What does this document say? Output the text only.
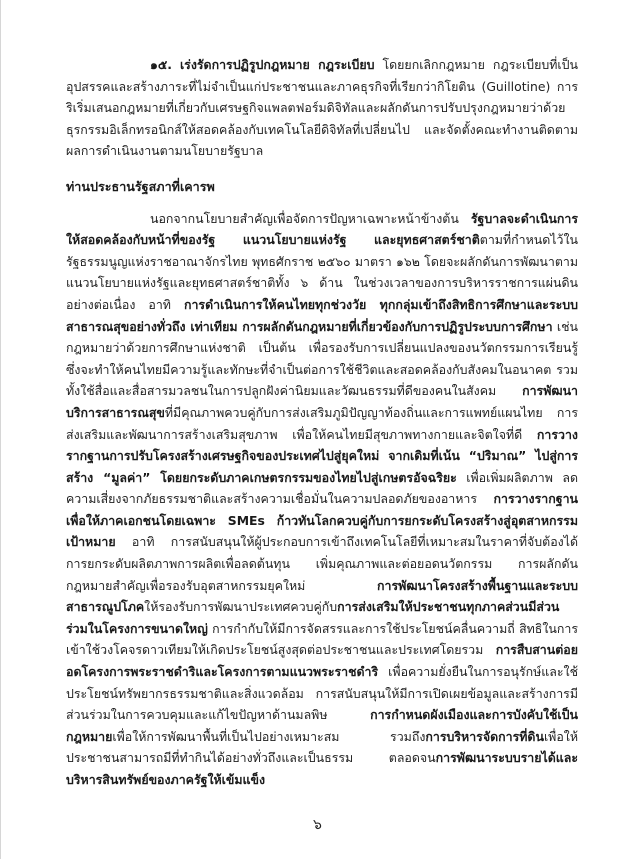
๑๕. เร่งรัดการปฏิรูปกฎหมาย กฎระเบียบ โดยยกเลิกกฎหมาย กฎระเบียบที่เป็นอุปสรรคและสร้างภาระที่ไม่จำเป็นแก่ประชาชนและภาคธุรกิจที่เรียกว่ากิโยติน (Guillotine) การริเริ่มเสนอกฎหมายที่เกี่ยวกับเศรษฐกิจแพลตฟอร์มดิจิทัลและผลักดันการปรับปรุงกฎหมายว่าด้วยธุรกรรมอิเล็กทรอนิกส์ให้สอดคล้องกับเทคโนโลยีดิจิทัลที่เปลี่ยนไป และจัดตั้งคณะทำงานติดตามผลการดำเนินงานตามนโยบายรัฐบาล

ท่านประธานรัฐสภาที่เคารพ

นอกจากนโยบายสำคัญเพื่อจัดการปัญหาเฉพาะหน้าข้างต้น รัฐบาลจะดำเนินการให้สอดคล้องกับหน้าที่ของรัฐ แนวนโยบายแห่งรัฐ และยุทธศาสตร์ชาติตามที่กำหนดไว้ในรัฐธรรมนูญแห่งราชอาณาจักรไทย พุทธศักราช ๒๕๖๐ มาตรา ๑๖๒ โดยจะผลักดันการพัฒนาตามแนวนโยบายแห่งรัฐและยุทธศาสตร์ชาติทั้ง ๖ ด้าน ในช่วงเวลาของการบริหารราชการแผ่นดินอย่างต่อเนื่อง อาทิ การดำเนินการให้คนไทยทุกช่วงวัย ทุกกลุ่มเข้าถึงสิทธิการศึกษาและระบบสาธารณสุขอย่างทั่วถึง เท่าเทียม การผลักดันกฎหมายที่เกี่ยวข้องกับการปฏิรูประบบการศึกษา เช่น กฎหมายว่าด้วยการศึกษาแห่งชาติ เป็นต้น เพื่อรองรับการเปลี่ยนแปลงของนวัตกรรมการเรียนรู้ ซึ่งจะทำให้คนไทยมีความรู้และทักษะที่จำเป็นต่อการใช้ชีวิตและสอดคล้องกับสังคมในอนาคต รวมทั้งใช้สื่อและสื่อสารมวลชนในการปลูกฝังค่านิยมและวัฒนธรรมที่ดีของคนในสังคม การพัฒนาบริการสาธารณสุขที่มีคุณภาพควบคู่กับการส่งเสริมภูมิปัญญาท้องถิ่นและการแพทย์แผนไทย การส่งเสริมและพัฒนาการสร้างเสริมสุขภาพ เพื่อให้คนไทยมีสุขภาพทางกายและจิตใจที่ดี การวางรากฐานการปรับโครงสร้างเศรษฐกิจของประเทศไปสู่ยุคใหม่ จากเดิมที่เน้น “ปริมาณ” ไปสู่การสร้าง “มูลค่า” โดยยกระดับภาคเกษตรกรรมของไทยไปสู่เกษตรอัจฉริยะ เพื่อเพิ่มผลิตภาพ ลดความเสี่ยงจากภัยธรรมชาติและสร้างความเชื่อมั่นในความปลอดภัยของอาหาร การวางรากฐานเพื่อให้ภาคเอกชนโดยเฉพาะ SMEs ก้าวทันโลกควบคู่กับการยกระดับโครงสร้างสู่อุตสาหกรรมเป้าหมาย อาทิ การสนับสนุนให้ผู้ประกอบการเข้าถึงเทคโนโลยีที่เหมาะสมในราคาที่จับต้องได้ การยกระดับผลิตภาพการผลิตเพื่อลดต้นทุน เพิ่มคุณภาพและต่อยอดนวัตกรรม การผลักดันกฎหมายสำคัญเพื่อรองรับอุตสาหกรรมยุคใหม่ การพัฒนาโครงสร้างพื้นฐานและระบบสาธารณูปโภคให้รองรับการพัฒนาประเทศควบคู่กับการส่งเสริมให้ประชาชนทุกภาคส่วนมีส่วนร่วมในโครงการขนาดใหญ่ การกำกับให้มีการจัดสรรและการใช้ประโยชน์คลื่นความถี่ สิทธิในการเข้าใช้วงโคจรดาวเทียมให้เกิดประโยชน์สูงสุดต่อประชาชนและประเทศโดยรวม การสืบสานต่อยอดโครงการพระราชดำริและโครงการตามแนวพระราชดำริ เพื่อความยั่งยืนในการอนุรักษ์และใช้ประโยชน์ทรัพยากรธรรมชาติและสิ่งแวดล้อม การสนับสนุนให้มีการเปิดเผยข้อมูลและสร้างการมีส่วนร่วมในการควบคุมและแก้ไขปัญหาด้านมลพิษ การกำหนดผังเมืองและการบังคับใช้เป็นกฎหมายเพื่อให้การพัฒนาพื้นที่เป็นไปอย่างเหมาะสม รวมถึงการบริหารจัดการที่ดินเพื่อให้ประชาชนสามารถมีที่ทำกินได้อย่างทั่วถึงและเป็นธรรม ตลอดจนการพัฒนาระบบรายได้และบริหารสินทรัพย์ของภาครัฐให้เข้มแข็ง

๖
